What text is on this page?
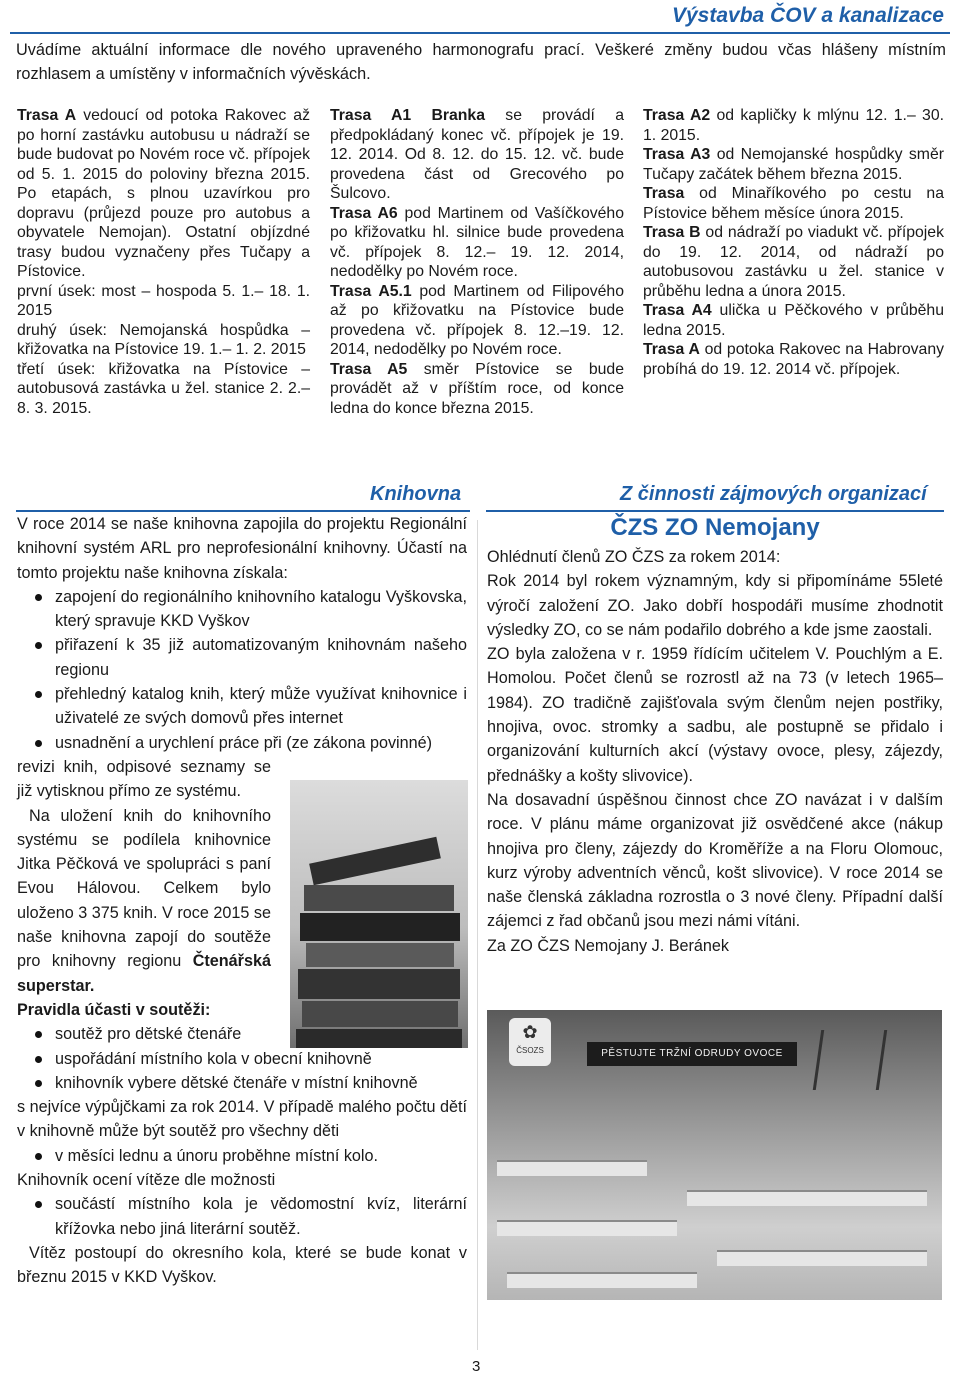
Výstavba ČOV a kanalizace
Uvádíme aktuální informace dle nového upraveného harmonografu prací. Veškeré změny budou včas hlášeny místním rozhlasem a umístěny v informačních vývěskách.

Trasa A vedoucí od potoka Rakovec až po horní zastávku autobusu u nádraží se bude budovat po Novém roce vč. přípojek od 5. 1. 2015 do poloviny března 2015. Po etapách, s plnou uzavírkou pro dopravu (průjezd pouze pro autobus a obyvatele Nemojan). Ostatní objízdné trasy budou vyznačeny přes Tučapy a Pístovice.

první úsek: most – hospoda 5. 1.– 18. 1. 2015

druhý úsek: Nemojanská hospůdka – křižovatka na Pístovice 19. 1.– 1. 2. 2015

třetí úsek: křižovatka na Pístovice – autobusová zastávka u žel. stanice 2. 2.– 8. 3. 2015.

Trasa A1 Branka se provádí a předpokládaný konec vč. přípojek je 19. 12. 2014. Od 8. 12. do 15. 12. vč. bude provedena část od Grecového po Šulcovo.

Trasa A6 pod Martinem od Vašíčkového po křižovatku hl. silnice bude provedena vč. přípojek 8. 12.– 19. 12. 2014, nedodělky po Novém roce.

Trasa A5.1 pod Martinem od Filipového až po křižovatku na Pístovice bude provedena vč. přípojek 8. 12.–19. 12. 2014, nedodělky po Novém roce.

Trasa A5 směr Pístovice se bude provádět až v příštím roce, od konce ledna do konce března 2015.

Trasa A2 od kapličky k mlýnu 12. 1.– 30. 1. 2015.

Trasa A3 od Nemojanské hospůdky směr Tučapy začátek během března 2015.

Trasa od Minaříkového po cestu na Pístovice během měsíce února 2015.

Trasa B od nádraží po viadukt vč. přípojek do 19. 12. 2014, od nádraží po autobusovou zastávku u žel. stanice v průběhu ledna a února 2015.

Trasa A4 ulička u Pěčkového v průběhu ledna 2015.

Trasa A od potoka Rakovec na Habrovany probíhá do 19. 12. 2014 vč. přípojek.

Knihovna

V roce 2014 se naše knihovna zapojila do projektu Regionální knihovní systém ARL pro neprofesionální knihovny. Účastí na tomto projektu naše knihovna získala:

zapojení do regionálního knihovního katalogu Vyškovska, který spravuje KKD Vyškov

přiřazení k 35 již automatizovaným knihovnám našeho regionu

přehledný katalog knih, který může využívat knihovnice i uživatelé ze svých domovů přes internet

usnadnění a urychlení práce při (ze zákona povinné)

revizi knih, odpisové seznamy se již vytisknou přímo ze systému.

Na uložení knih do knihovního systému se podílela knihovnice Jitka Pěčková ve spolupráci s paní Evou Hálovou. Celkem bylo uloženo 3 375 knih. V roce 2015 se naše knihovna zapojí do soutěže pro knihovny regionu Čtenářská superstar.

Pravidla účasti v soutěži:

soutěž pro dětské čtenáře

uspořádání místního kola v obecní knihovně

knihovník vybere dětské čtenáře v místní knihovně

s nejvíce výpůjčkami za rok 2014. V případě malého počtu dětí v knihovně může být soutěž pro všechny děti

v měsíci lednu a únoru proběhne místní kolo.

Knihovník ocení vítěze dle možnosti

součástí místního kola je vědomostní kvíz, literární křížovka nebo jiná literární soutěž.

Vítěz postoupí do okresního kola, které se bude konat v březnu 2015 v KKD Vyškov.

Z činnosti zájmových organizací
ČZS ZO Nemojany

Ohlédnutí členů ZO ČZS za rokem 2014:

Rok 2014 byl rokem významným, kdy si připomínáme 55leté výročí založení ZO. Jako dobří hospodáři musíme zhodnotit výsledky ZO, co se nám podařilo dobrého a kde jsme zaostali.

ZO byla založena v r. 1959 řídícím učitelem V. Pouchlým a E. Homolou. Počet členů se rozrostl až na 73 (v letech 1965–1984). ZO tradičně zajišťovala svým členům nejen postřiky, hnojiva, ovoc. stromky a sadbu, ale postupně se přidalo i organizování kulturních akcí (výstavy ovoce, plesy, zájezdy, přednášky a košty slivovice).

Na dosavadní úspěšnou činnost chce ZO navázat i v dalším roce. V plánu máme organizovat již osvědčené akce (nákup hnojiva pro členy, zájezdy do Kroměříže a na Floru Olomouc, kurz výroby adventních věnců, košt slivovice). V roce 2014 se naše členská základna rozrostla o 3 nové členy. Případní další zájemci z řad občanů jsou mezi námi vítáni.

Za ZO ČZS Nemojany J. Beránek

✿
ČSOZS	PĚSTUJTE TRŽNÍ ODRUDY OVOCE
3
